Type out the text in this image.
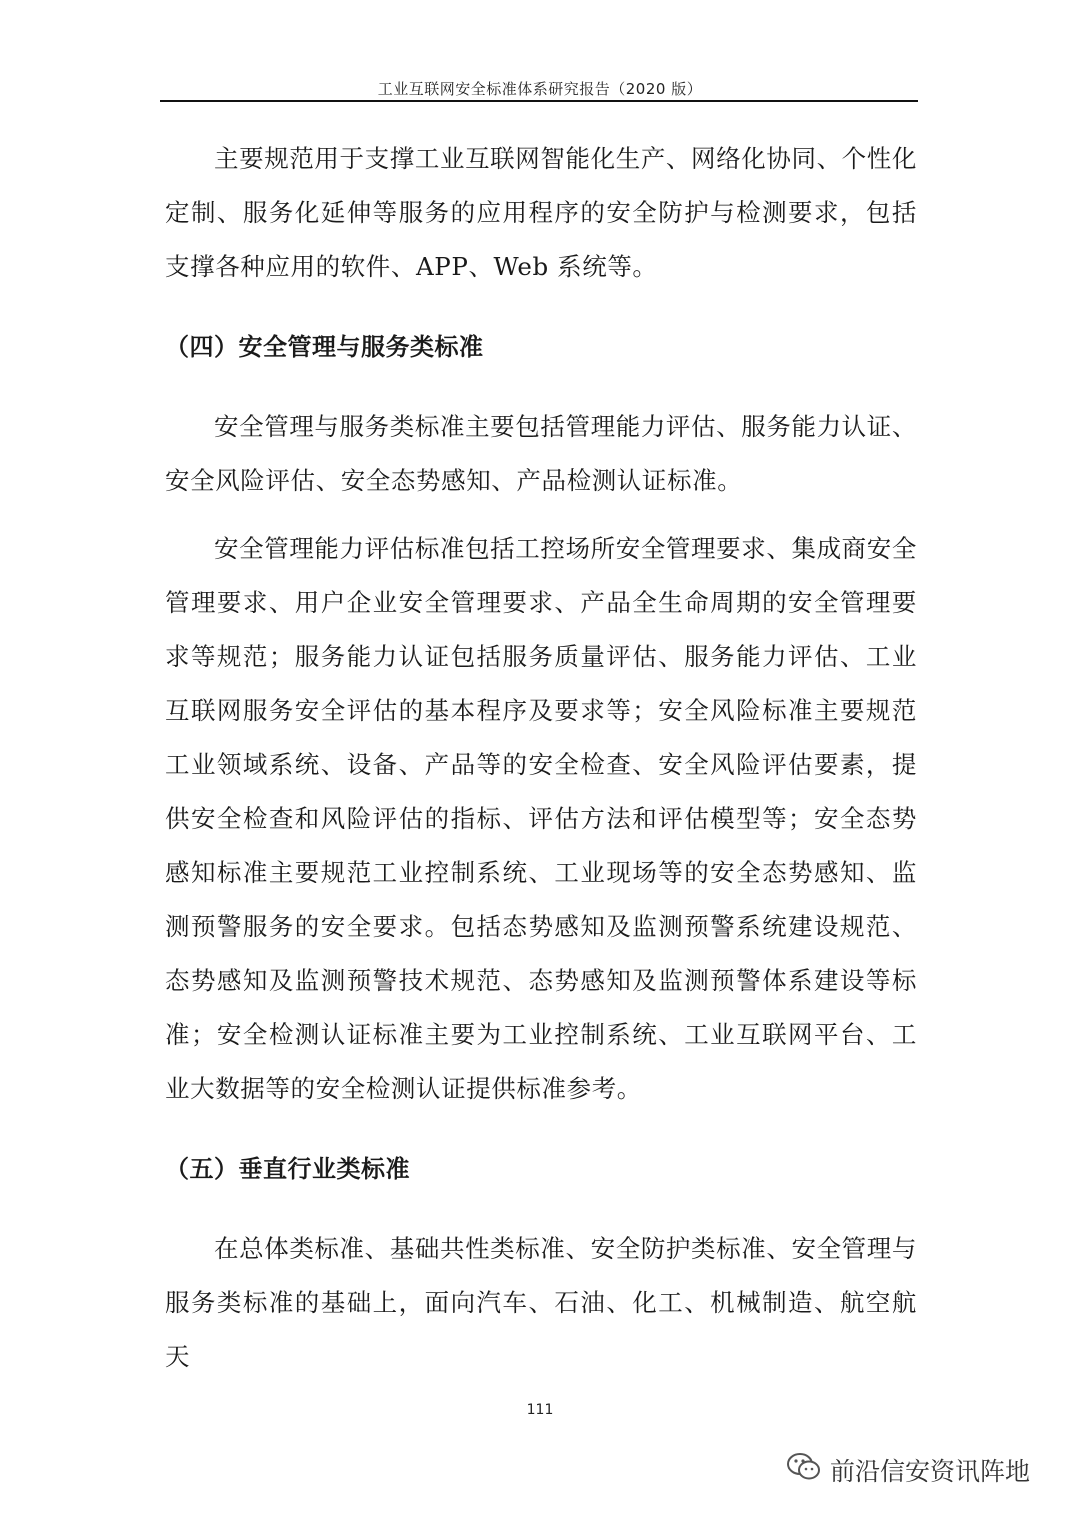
工业互联网安全标准体系研究报告（2020 版）

主要规范用于支撑工业互联网智能化生产、网络化协同、个性化定制、服务化延伸等服务的应用程序的安全防护与检测要求，包括支撑各种应用的软件、APP、Web 系统等。

（四）安全管理与服务类标准

安全管理与服务类标准主要包括管理能力评估、服务能力认证、安全风险评估、安全态势感知、产品检测认证标准。

安全管理能力评估标准包括工控场所安全管理要求、集成商安全管理要求、用户企业安全管理要求、产品全生命周期的安全管理要求等规范；服务能力认证包括服务质量评估、服务能力评估、工业互联网服务安全评估的基本程序及要求等；安全风险标准主要规范工业领域系统、设备、产品等的安全检查、安全风险评估要素，提供安全检查和风险评估的指标、评估方法和评估模型等；安全态势感知标准主要规范工业控制系统、工业现场等的安全态势感知、监测预警服务的安全要求。包括态势感知及监测预警系统建设规范、态势感知及监测预警技术规范、态势感知及监测预警体系建设等标准；安全检测认证标准主要为工业控制系统、工业互联网平台、工业大数据等的安全检测认证提供标准参考。

（五）垂直行业类标准

在总体类标准、基础共性类标准、安全防护类标准、安全管理与服务类标准的基础上，面向汽车、石油、化工、机械制造、航空航天

111
前沿信安资讯阵地
